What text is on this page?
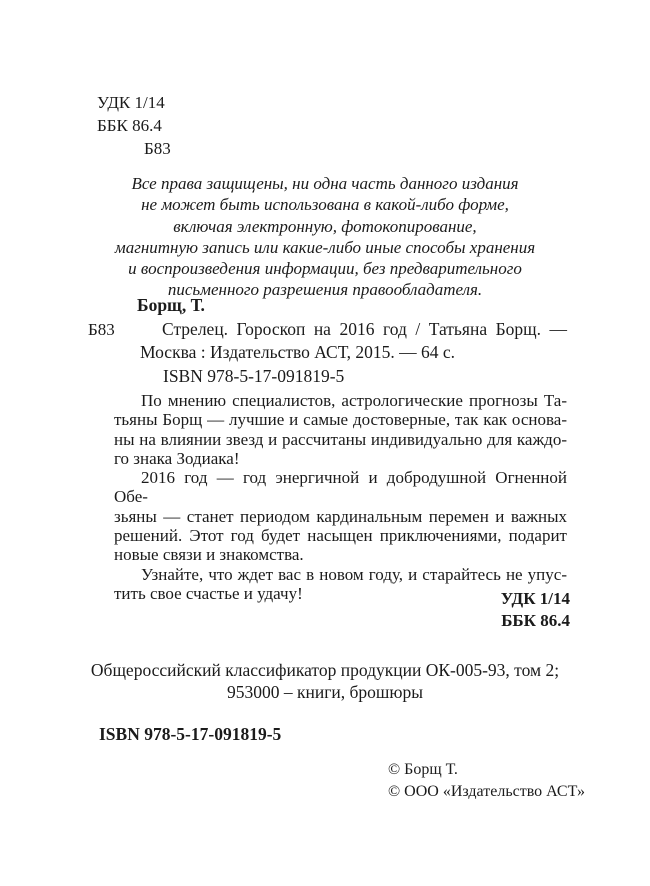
УДК 1/14
ББК 86.4
Б83
Все права защищены, ни одна часть данного издания
не может быть использована в какой-либо форме,
включая электронную, фотокопирование,
магнитную запись или какие-либо иные способы хранения
и воспроизведения информации, без предварительного
письменного разрешения правообладателя.
Борщ, Т.
Б83	Стрелец. Гороскоп на 2016 год / Татьяна Борщ. —
Москва : Издательство АСТ, 2015. — 64 с.
ISBN 978-5-17-091819-5
По мнению специалистов, астрологические прогнозы Та-
тьяны Борщ — лучшие и самые достоверные, так как основа-
ны на влиянии звезд и рассчитаны индивидуально для каждо-
го знака Зодиака!
2016 год — год энергичной и добродушной Огненной Обе-
зьяны — станет периодом кардинальным перемен и важных
решений. Этот год будет насыщен приключениями, подарит
новые связи и знакомства.
Узнайте, что ждет вас в новом году, и старайтесь не упус-
тить свое счастье и удачу!	УДК 1/14
ББК 86.4
Общероссийский классификатор продукции ОК-005-93, том 2;
953000 – книги, брошюры
ISBN 978-5-17-091819-5
© Борщ Т.
© ООО «Издательство АСТ»
